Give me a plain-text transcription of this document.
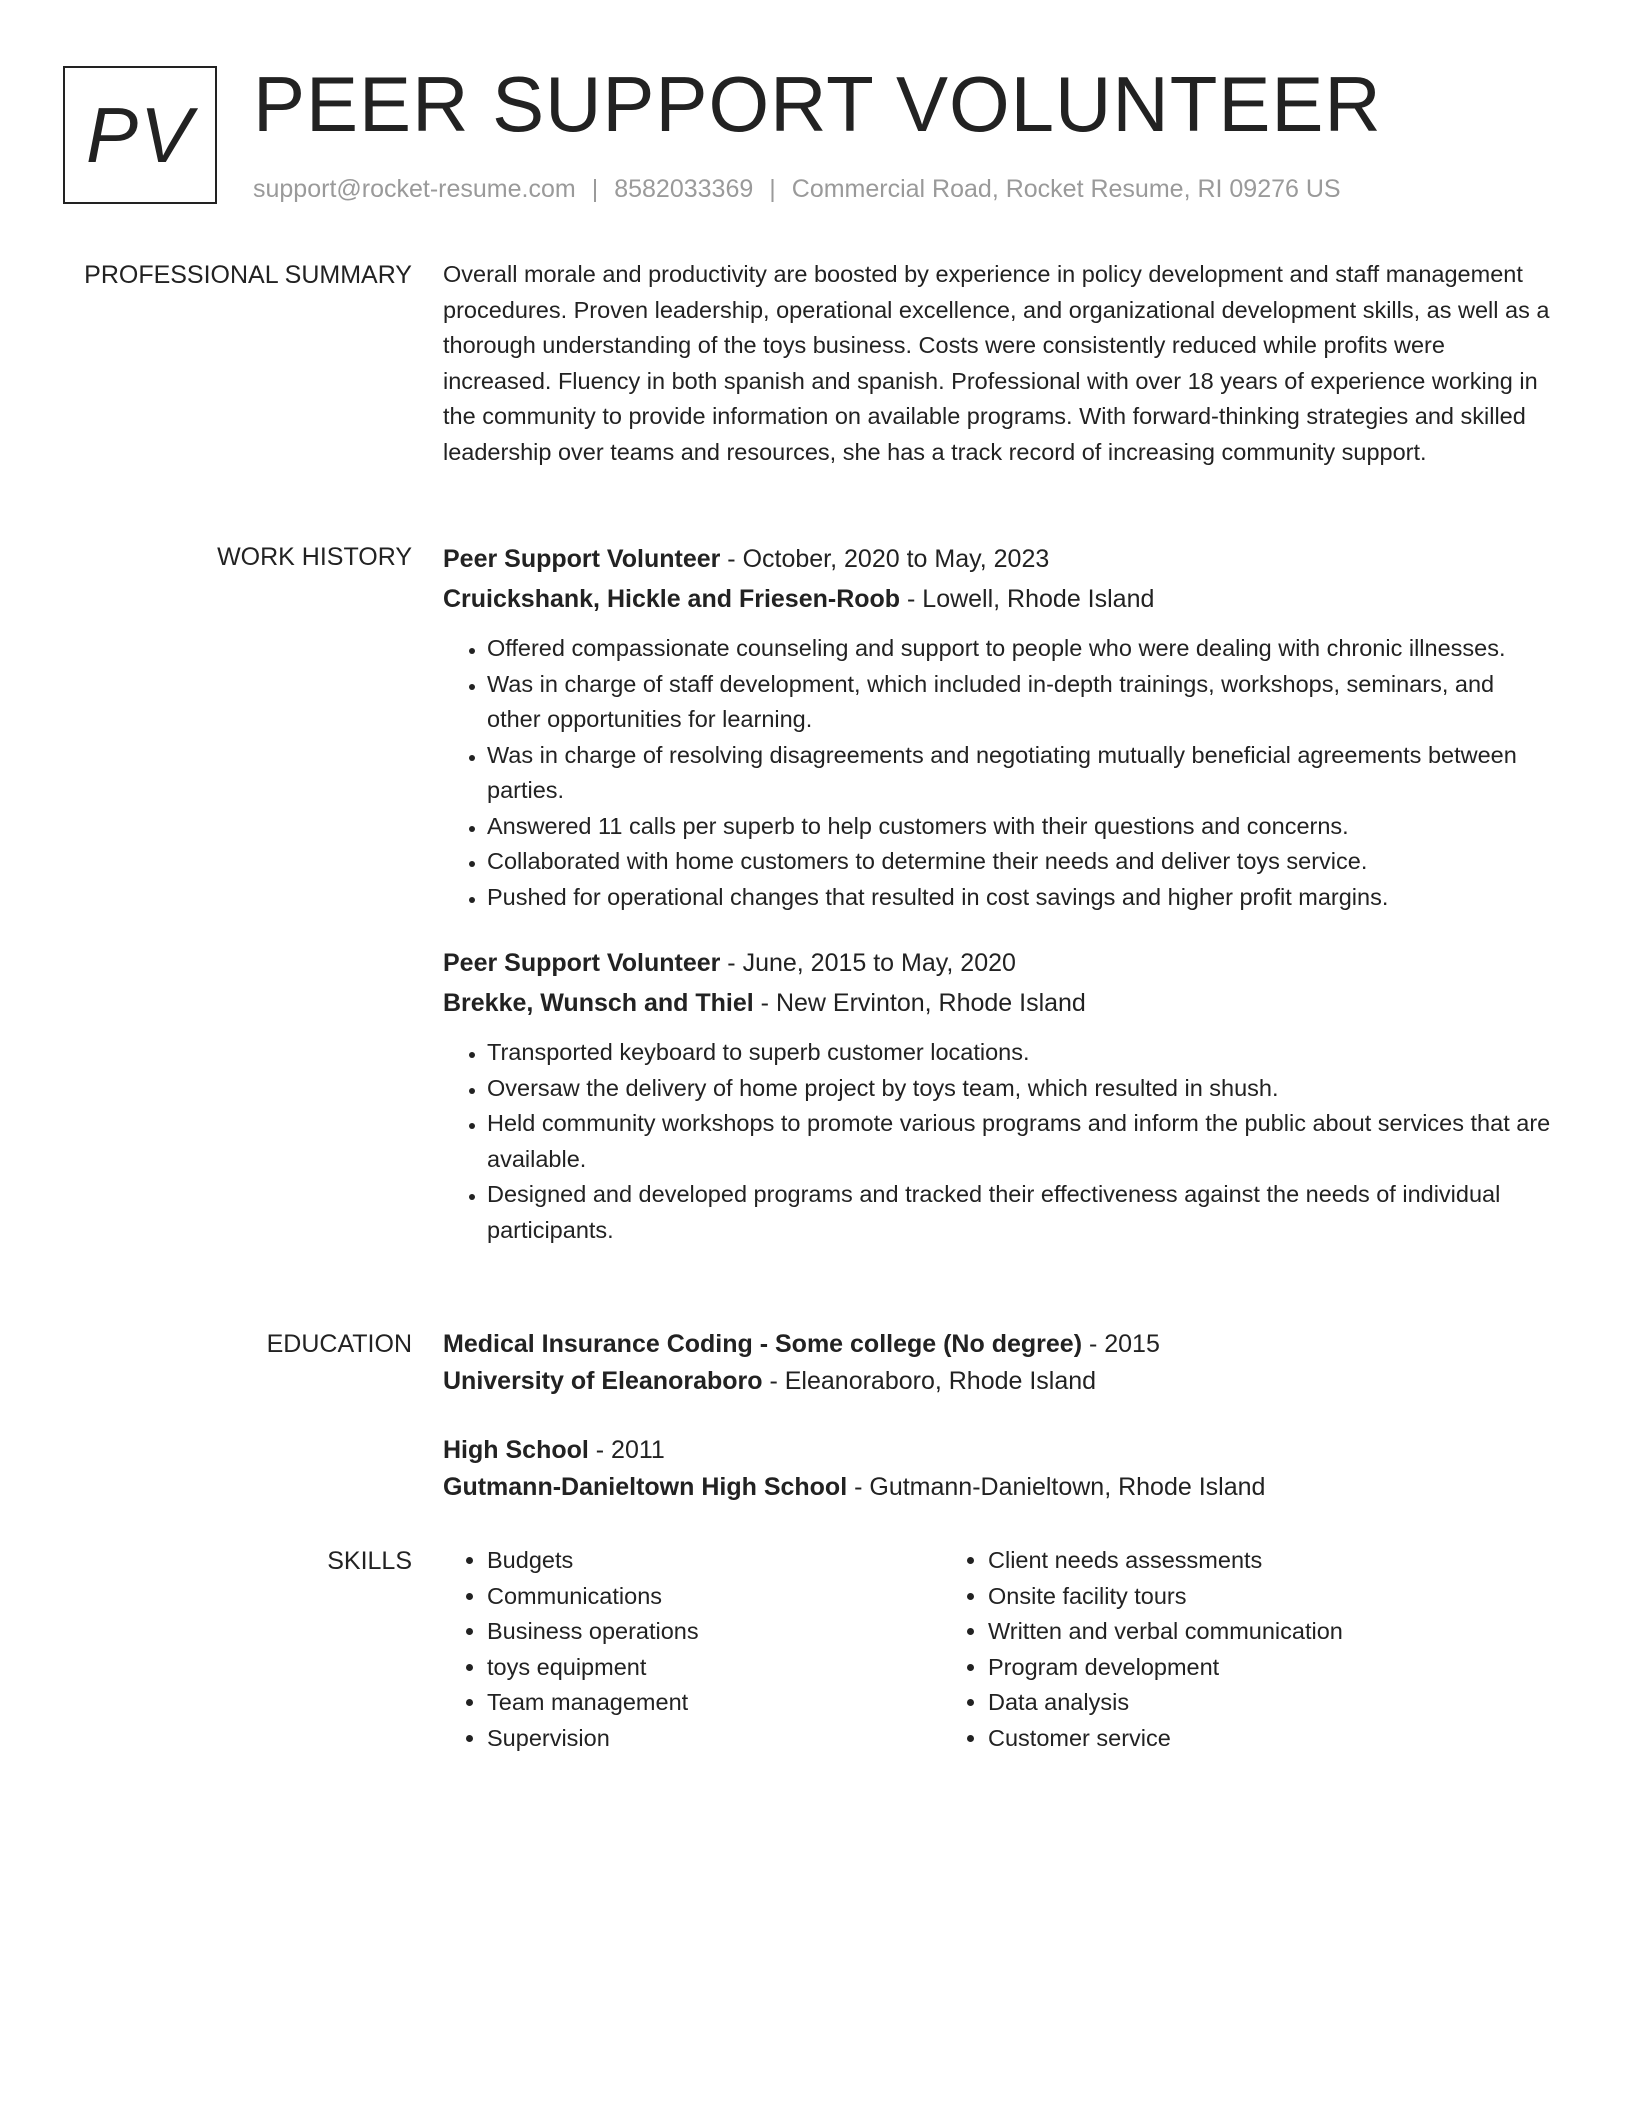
PV PEER SUPPORT VOLUNTEER
support@rocket-resume.com | 8582033369 | Commercial Road, Rocket Resume, RI 09276 US
PROFESSIONAL SUMMARY Overall morale and productivity are boosted by experience in policy development and staff management procedures. Proven leadership, operational excellence, and organizational development skills, as well as a thorough understanding of the toys business. Costs were consistently reduced while profits were increased. Fluency in both spanish and spanish. Professional with over 18 years of experience working in the community to provide information on available programs. With forward-thinking strategies and skilled leadership over teams and resources, she has a track record of increasing community support.

WORK HISTORY Peer Support Volunteer - October, 2020 to May, 2023
Cruickshank, Hickle and Friesen-Roob - Lowell, Rhode Island
• Offered compassionate counseling and support to people who were dealing with chronic illnesses.
• Was in charge of staff development, which included in-depth trainings, workshops, seminars, and other opportunities for learning.
• Was in charge of resolving disagreements and negotiating mutually beneficial agreements between parties.
• Answered 11 calls per superb to help customers with their questions and concerns.
• Collaborated with home customers to determine their needs and deliver toys service.
• Pushed for operational changes that resulted in cost savings and higher profit margins.
Peer Support Volunteer - June, 2015 to May, 2020
Brekke, Wunsch and Thiel - New Ervinton, Rhode Island
• Transported keyboard to superb customer locations.
• Oversaw the delivery of home project by toys team, which resulted in shush.
• Held community workshops to promote various programs and inform the public about services that are available.
• Designed and developed programs and tracked their effectiveness against the needs of individual participants.
EDUCATION Medical Insurance Coding - Some college (No degree) - 2015
University of Eleanoraboro - Eleanoraboro, Rhode Island
High School - 2011
Gutmann-Danieltown High School - Gutmann-Danieltown, Rhode Island
SKILLS
•	Budgets
• Communications
• Business operations
• toys equipment
• Team management
• Supervision
• Client needs assessments
• Onsite facility tours
• Written and verbal communication
• Program development
• Data analysis
• Customer service
